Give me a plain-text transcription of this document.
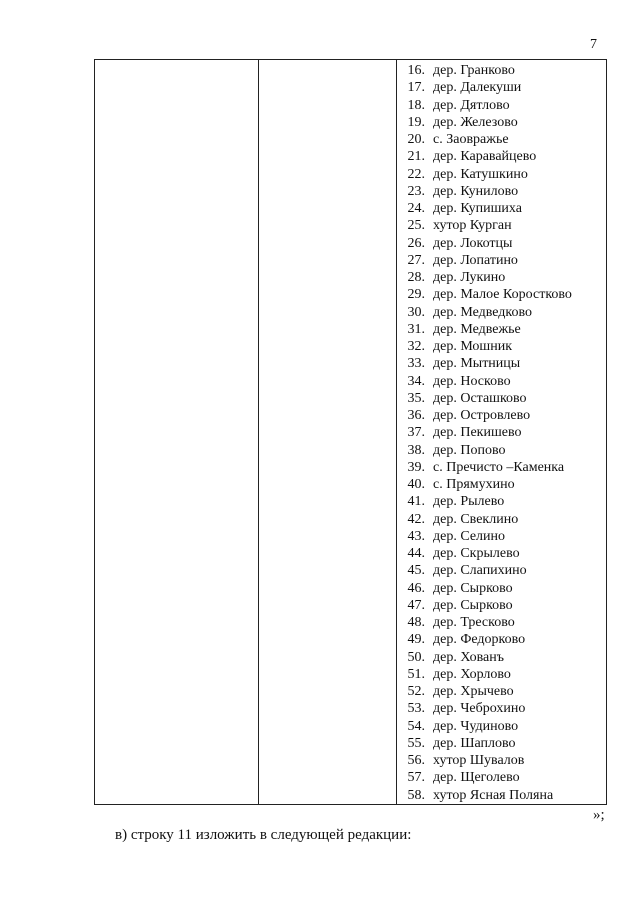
7
16. дер. Гранково
17. дер. Далекуши
18. дер. Дятлово
19. дер. Железово
20. с. Заовражье
21. дер. Каравайцево
22. дер. Катушкино
23. дер. Кунилово
24. дер. Купишиха
25. хутор Курган
26. дер. Локотцы
27. дер. Лопатино
28. дер. Лукино
29. дер. Малое Коростково
30. дер. Медведково
31. дер. Медвежье
32. дер. Мошник
33. дер. Мытницы
34. дер. Носково
35. дер. Осташково
36. дер. Островлево
37. дер. Пекишево
38. дер. Попово
39. с. Пречисто –Каменка
40. с. Прямухино
41. дер. Рылево
42. дер. Свеклино
43. дер. Селино
44. дер. Скрылево
45. дер. Слапихино
46. дер. Сырково
47. дер. Сырково
48. дер. Тресково
49. дер. Федорково
50. дер. Хованъ
51. дер. Хорлово
52. дер. Хрычево
53. дер. Чеброхино
54. дер. Чудиново
55. дер. Шаплово
56. хутор Шувалов
57. дер. Щеголево
58. хутор Ясная Поляна
»;
в) строку 11 изложить в следующей редакции:
